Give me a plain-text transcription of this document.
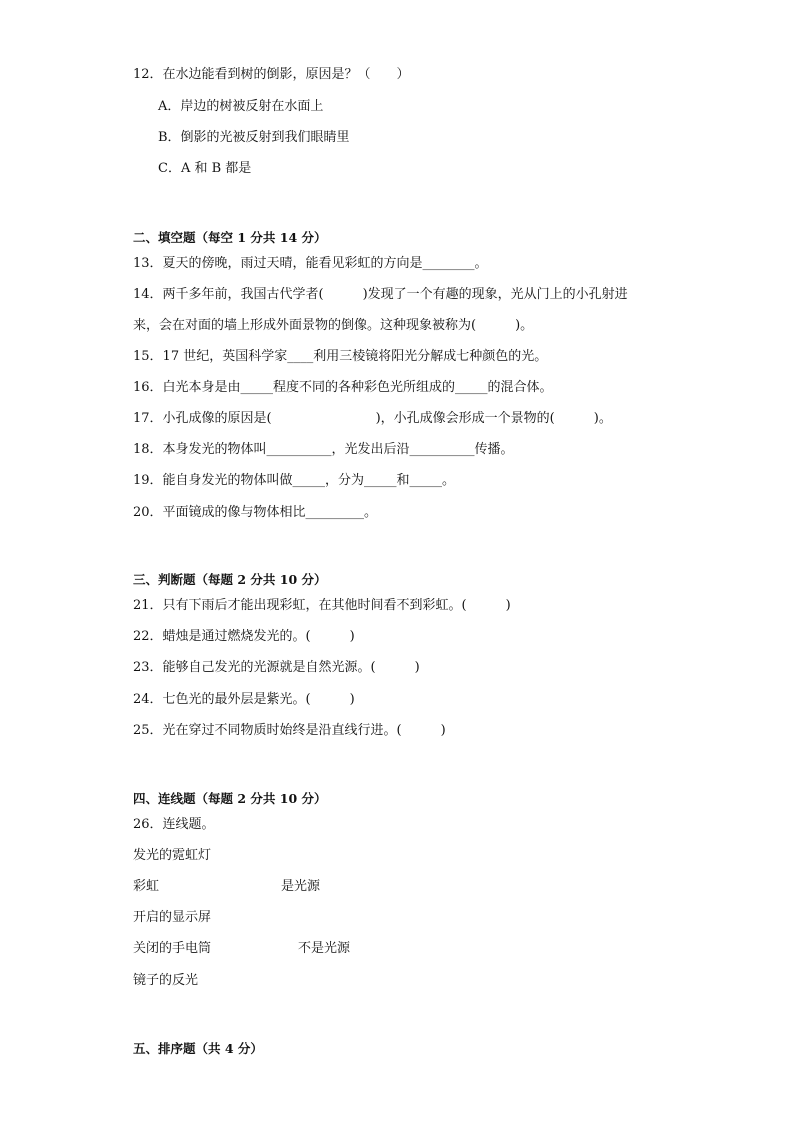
12．在水边能看到树的倒影，原因是？（　　）
A．岸边的树被反射在水面上
B．倒影的光被反射到我们眼睛里
C．A 和 B 都是
二、填空题（每空 1 分共 14 分）
13．夏天的傍晚，雨过天晴，能看见彩虹的方向是________。
14．两千多年前，我国古代学者(　　　)发现了一个有趣的现象，光从门上的小孔射进
来，会在对面的墙上形成外面景物的倒像。这种现象被称为(　　　)。
15．17 世纪，英国科学家____利用三棱镜将阳光分解成七种颜色的光。
16．白光本身是由_____程度不同的各种彩色光所组成的_____的混合体。
17．小孔成像的原因是(　　　　　　　　)，小孔成像会形成一个景物的(　　　)。
18．本身发光的物体叫__________，光发出后沿__________传播。
19．能自身发光的物体叫做_____，分为_____和_____。
20．平面镜成的像与物体相比_________。
三、判断题（每题 2 分共 10 分）
21．只有下雨后才能出现彩虹，在其他时间看不到彩虹。(　　　)
22．蜡烛是通过燃烧发光的。(　　　)
23．能够自己发光的光源就是自然光源。(　　　)
24．七色光的最外层是紫光。(　　　)
25．光在穿过不同物质时始终是沿直线行进。(　　　)
四、连线题（每题 2 分共 10 分）
26．连线题。
发光的霓虹灯
彩虹	是光源
开启的显示屏
关闭的手电筒	不是光源
镜子的反光
五、排序题（共 4 分）
